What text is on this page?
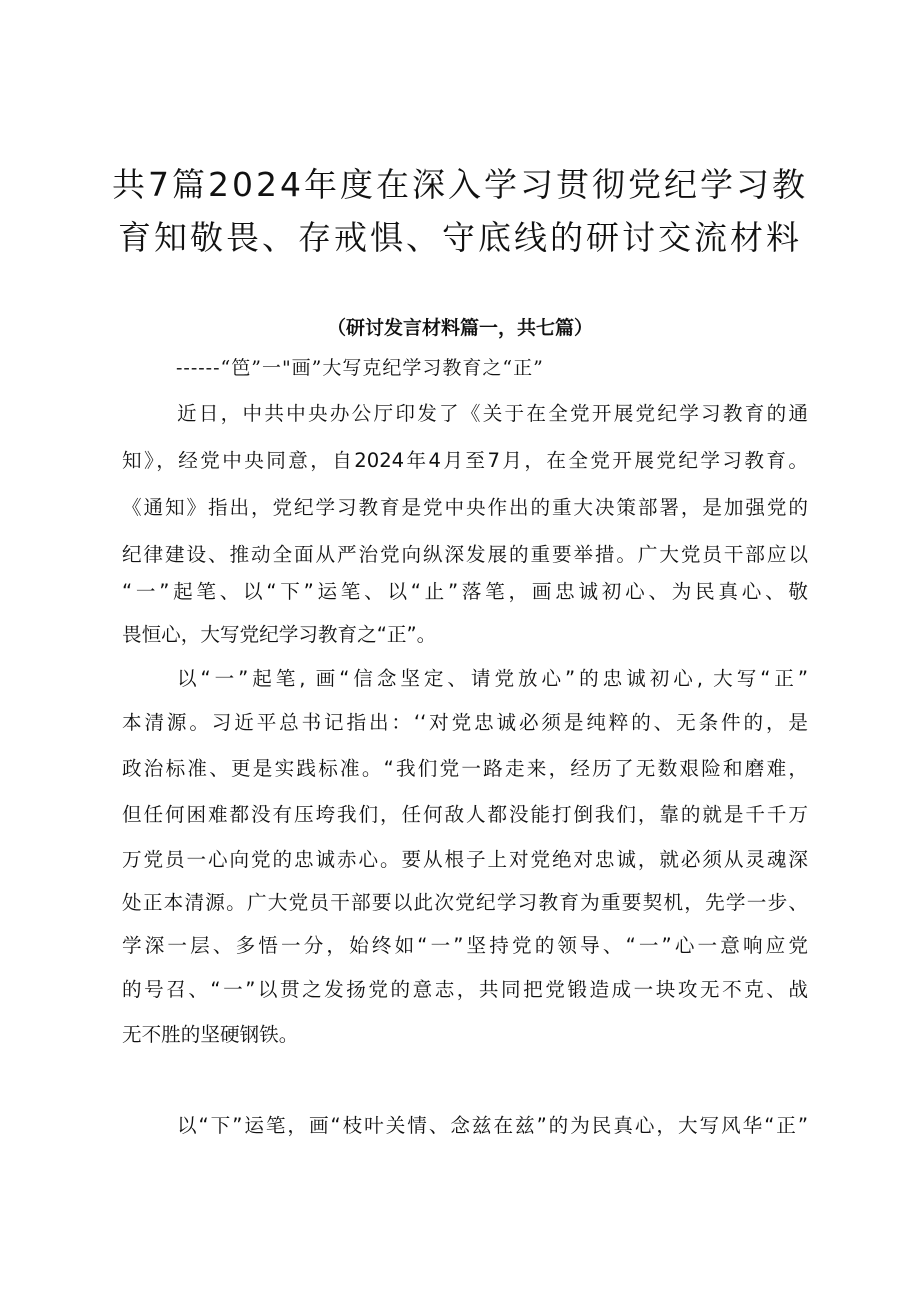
共7篇2024年度在深入学习贯彻党纪学习教
育知敬畏、存戒惧、守底线的研讨交流材料
（研讨发言材料篇一，共七篇）
------“笆”一"画”大写克纪学习教育之“正”
近日，中共中央办公厅印发了《关于在全党开展党纪学习教育的通
知》，经党中央同意，自2024年4月至7月，在全党开展党纪学习教育。
《通知》指出，党纪学习教育是党中央作出的重大决策部署，是加强党的
纪律建设、推动全面从严治党向纵深发展的重要举措。广大党员干部应以
“一”起笔、以“下”运笔、以“止”落笔，画忠诚初心、为民真心、敬
畏恒心，大写党纪学习教育之“正”。
以“一”起笔, 画“信念坚定、请党放心”的忠诚初心, 大写“正”
本清源。习近平总书记指出：‘‘对党忠诚必须是纯粹的、无条件的，是
政治标准、更是实践标准。“我们党一路走来，经历了无数艰险和磨难，
但任何困难都没有压垮我们，任何敌人都没能打倒我们，靠的就是千千万
万党员一心向党的忠诚赤心。要从根子上对党绝对忠诚，就必须从灵魂深
处正本清源。广大党员干部要以此次党纪学习教育为重要契机，先学一步、
学深一层、多悟一分，始终如“一”坚持党的领导、“一”心一意响应党
的号召、“一”以贯之发扬党的意志，共同把党锻造成一块攻无不克、战
无不胜的坚硬钢铁。
以“下”运笔，画“枝叶关情、念兹在兹”的为民真心，大写风华“正”
